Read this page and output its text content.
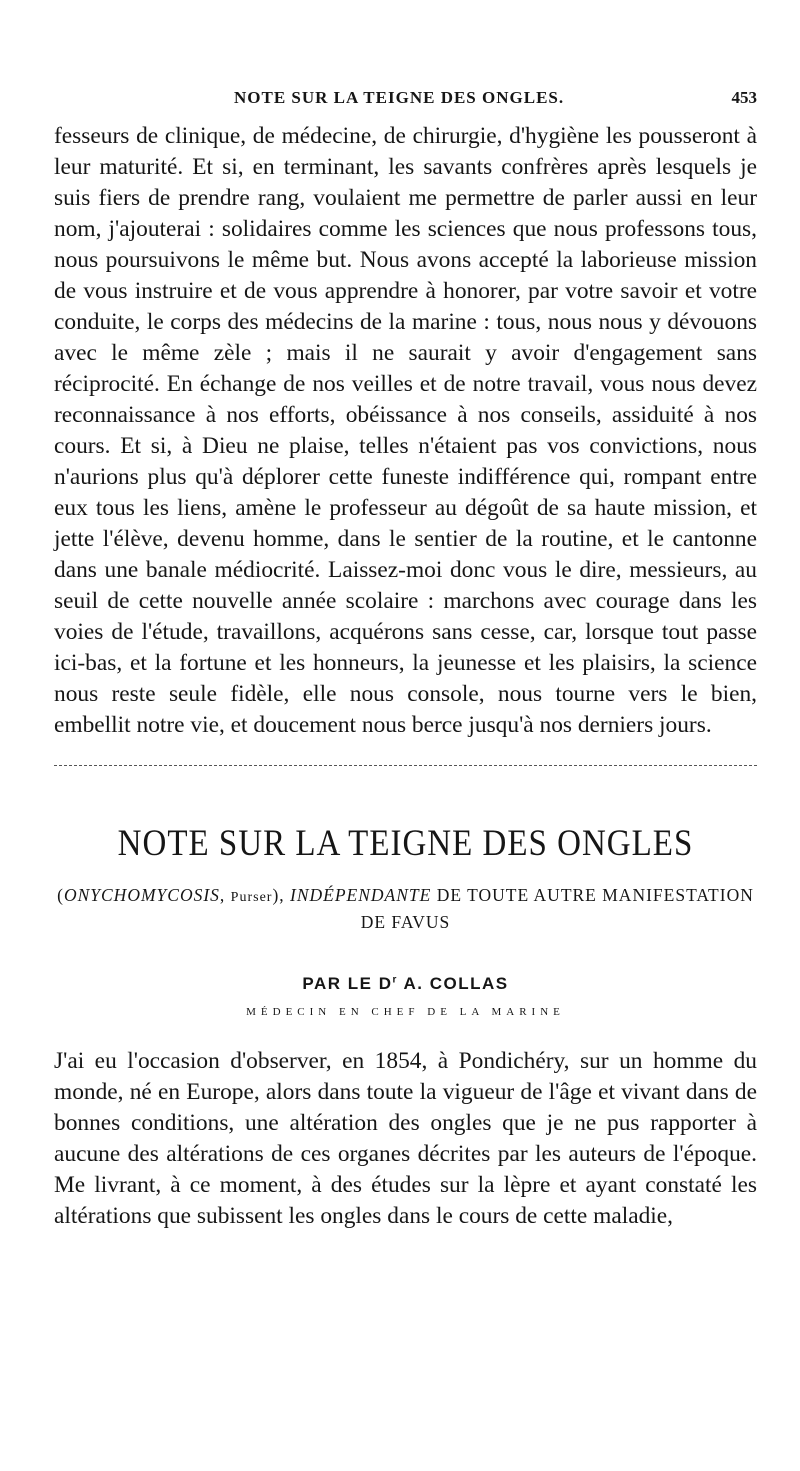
NOTE SUR LA TEIGNE DES ONGLES.	453

fesseurs de clinique, de médecine, de chirurgie, d'hygiène les pousseront à leur maturité. Et si, en terminant, les savants confrères après lesquels je suis fiers de prendre rang, voulaient me permettre de parler aussi en leur nom, j'ajouterai : solidaires comme les sciences que nous professons tous, nous poursuivons le même but. Nous avons accepté la laborieuse mission de vous instruire et de vous apprendre à honorer, par votre savoir et votre conduite, le corps des médecins de la marine : tous, nous nous y dévouons avec le même zèle ; mais il ne saurait y avoir d'engagement sans réciprocité. En échange de nos veilles et de notre travail, vous nous devez reconnaissance à nos efforts, obéissance à nos conseils, assiduité à nos cours. Et si, à Dieu ne plaise, telles n'étaient pas vos convictions, nous n'aurions plus qu'à déplorer cette funeste indifférence qui, rompant entre eux tous les liens, amène le professeur au dégoût de sa haute mission, et jette l'élève, devenu homme, dans le sentier de la routine, et le cantonne dans une banale médiocrité. Laissez-moi donc vous le dire, messieurs, au seuil de cette nouvelle année scolaire : marchons avec courage dans les voies de l'étude, travaillons, acquérons sans cesse, car, lorsque tout passe ici-bas, et la fortune et les honneurs, la jeunesse et les plaisirs, la science nous reste seule fidèle, elle nous console, nous tourne vers le bien, embellit notre vie, et doucement nous berce jusqu'à nos derniers jours.

NOTE SUR LA TEIGNE DES ONGLES
(ONYCHOMYCOSIS, Purser), INDÉPENDANTE DE TOUTE AUTRE MANIFESTATION DE FAVUS
PAR LE $D^r$ A. COLLAS
MÉDECIN EN CHEF DE LA MARINE

J'ai eu l'occasion d'observer, en 1854, à Pondichéry, sur un homme du monde, né en Europe, alors dans toute la vigueur de l'âge et vivant dans de bonnes conditions, une altération des ongles que je ne pus rapporter à aucune des altérations de ces organes décrites par les auteurs de l'époque. Me livrant, à ce moment, à des études sur la lèpre et ayant constaté les altérations que subissent les ongles dans le cours de cette maladie,
